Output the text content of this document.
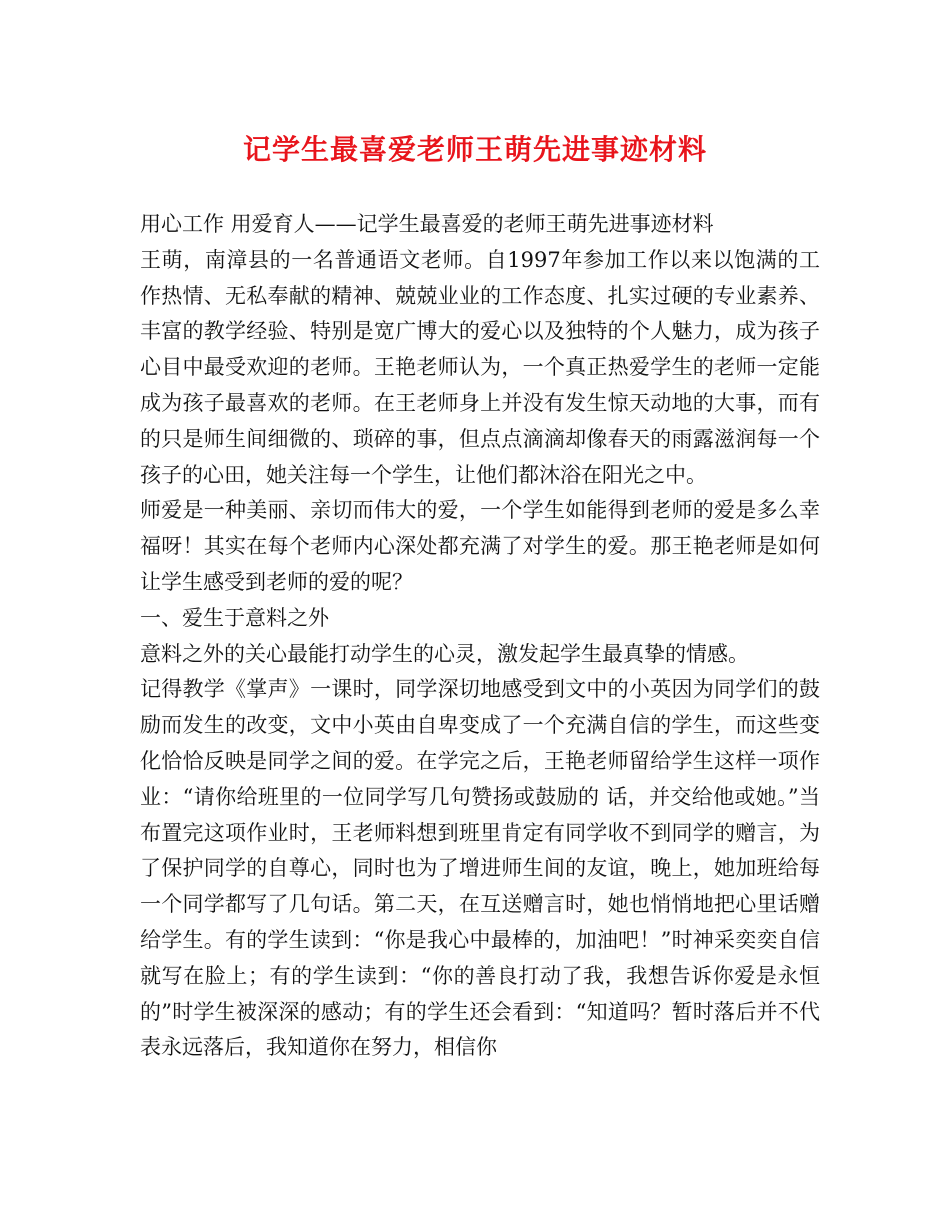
记学生最喜爱老师王萌先进事迹材料

用心工作 用爱育人——记学生最喜爱的老师王萌先进事迹材料

王萌，南漳县的一名普通语文老师。自1997年参加工作以来以饱满的工作热情、无私奉献的精神、兢兢业业的工作态度、扎实过硬的专业素养、丰富的教学经验、特别是宽广博大的爱心以及独特的个人魅力，成为孩子心目中最受欢迎的老师。王艳老师认为，一个真正热爱学生的老师一定能成为孩子最喜欢的老师。在王老师身上并没有发生惊天动地的大事，而有的只是师生间细微的、琐碎的事，但点点滴滴却像春天的雨露滋润每一个孩子的心田，她关注每一个学生，让他们都沐浴在阳光之中。

师爱是一种美丽、亲切而伟大的爱，一个学生如能得到老师的爱是多么幸福呀！其实在每个老师内心深处都充满了对学生的爱。那王艳老师是如何让学生感受到老师的爱的呢？

一、爱生于意料之外

意料之外的关心最能打动学生的心灵，激发起学生最真挚的情感。

记得教学《掌声》一课时，同学深切地感受到文中的小英因为同学们的鼓励而发生的改变，文中小英由自卑变成了一个充满自信的学生，而这些变化恰恰反映是同学之间的爱。在学完之后，王艳老师留给学生这样一项作业：“请你给班里的一位同学写几句赞扬或鼓励的 话，并交给他或她。”当布置完这项作业时，王老师料想到班里肯定有同学收不到同学的赠言，为了保护同学的自尊心，同时也为了增进师生间的友谊，晚上，她加班给每一个同学都写了几句话。第二天，在互送赠言时，她也悄悄地把心里话赠给学生。有的学生读到：“你是我心中最棒的，加油吧！”时神采奕奕自信就写在脸上；有的学生读到：“你的善良打动了我，我想告诉你爱是永恒的”时学生被深深的感动；有的学生还会看到：“知道吗？暂时落后并不代表永远落后，我知道你在努力，相信你
